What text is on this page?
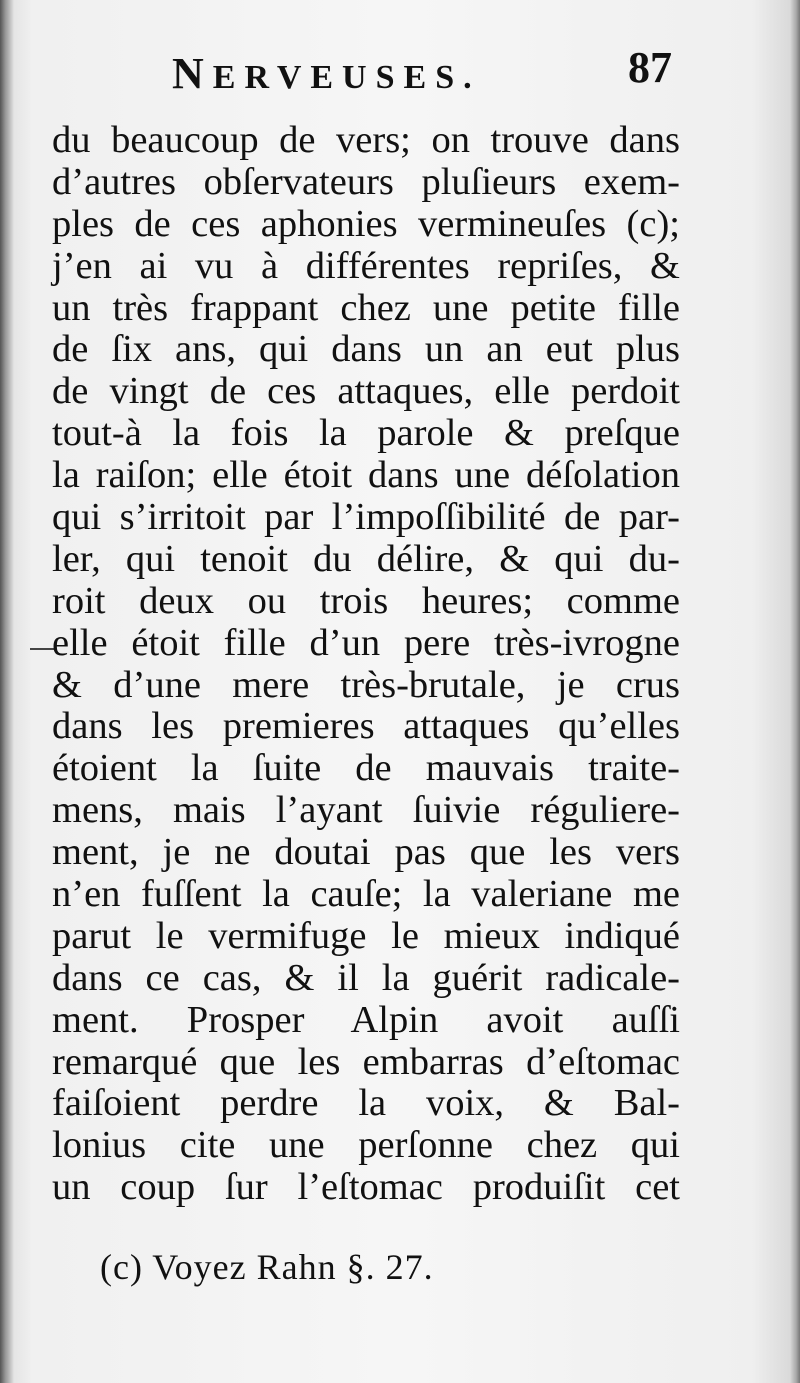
NERVEUSES.	87
du beaucoup de vers; on trouve dans
d’autres obſervateurs pluſieurs exem-
ples de ces aphonies vermineuſes (c);
j’en ai vu à différentes repriſes, &
un très frappant chez une petite fille
de ſix ans, qui dans un an eut plus
de vingt de ces attaques, elle perdoit
tout-à la fois la parole & preſque
la raiſon; elle étoit dans une déſolation
qui s’irritoit par l’impoſſibilité de par-
ler, qui tenoit du délire, & qui du-
roit deux ou trois heures; comme
elle étoit fille d’un pere très-ivrogne
& d’une mere très-brutale, je crus
dans les premieres attaques qu’elles
étoient la ſuite de mauvais traite-
mens, mais l’ayant ſuivie réguliere-
ment, je ne doutai pas que les vers
n’en fuſſent la cauſe; la valeriane me
parut le vermifuge le mieux indiqué
dans ce cas, & il la guérit radicale-
ment. Prosper Alpin avoit auſſi
remarqué que les embarras d’eſtomac
faiſoient perdre la voix, & Bal-
lonius cite une perſonne chez qui
un coup ſur l’eſtomac produiſit cet
(c) Voyez Rahn §. 27.
